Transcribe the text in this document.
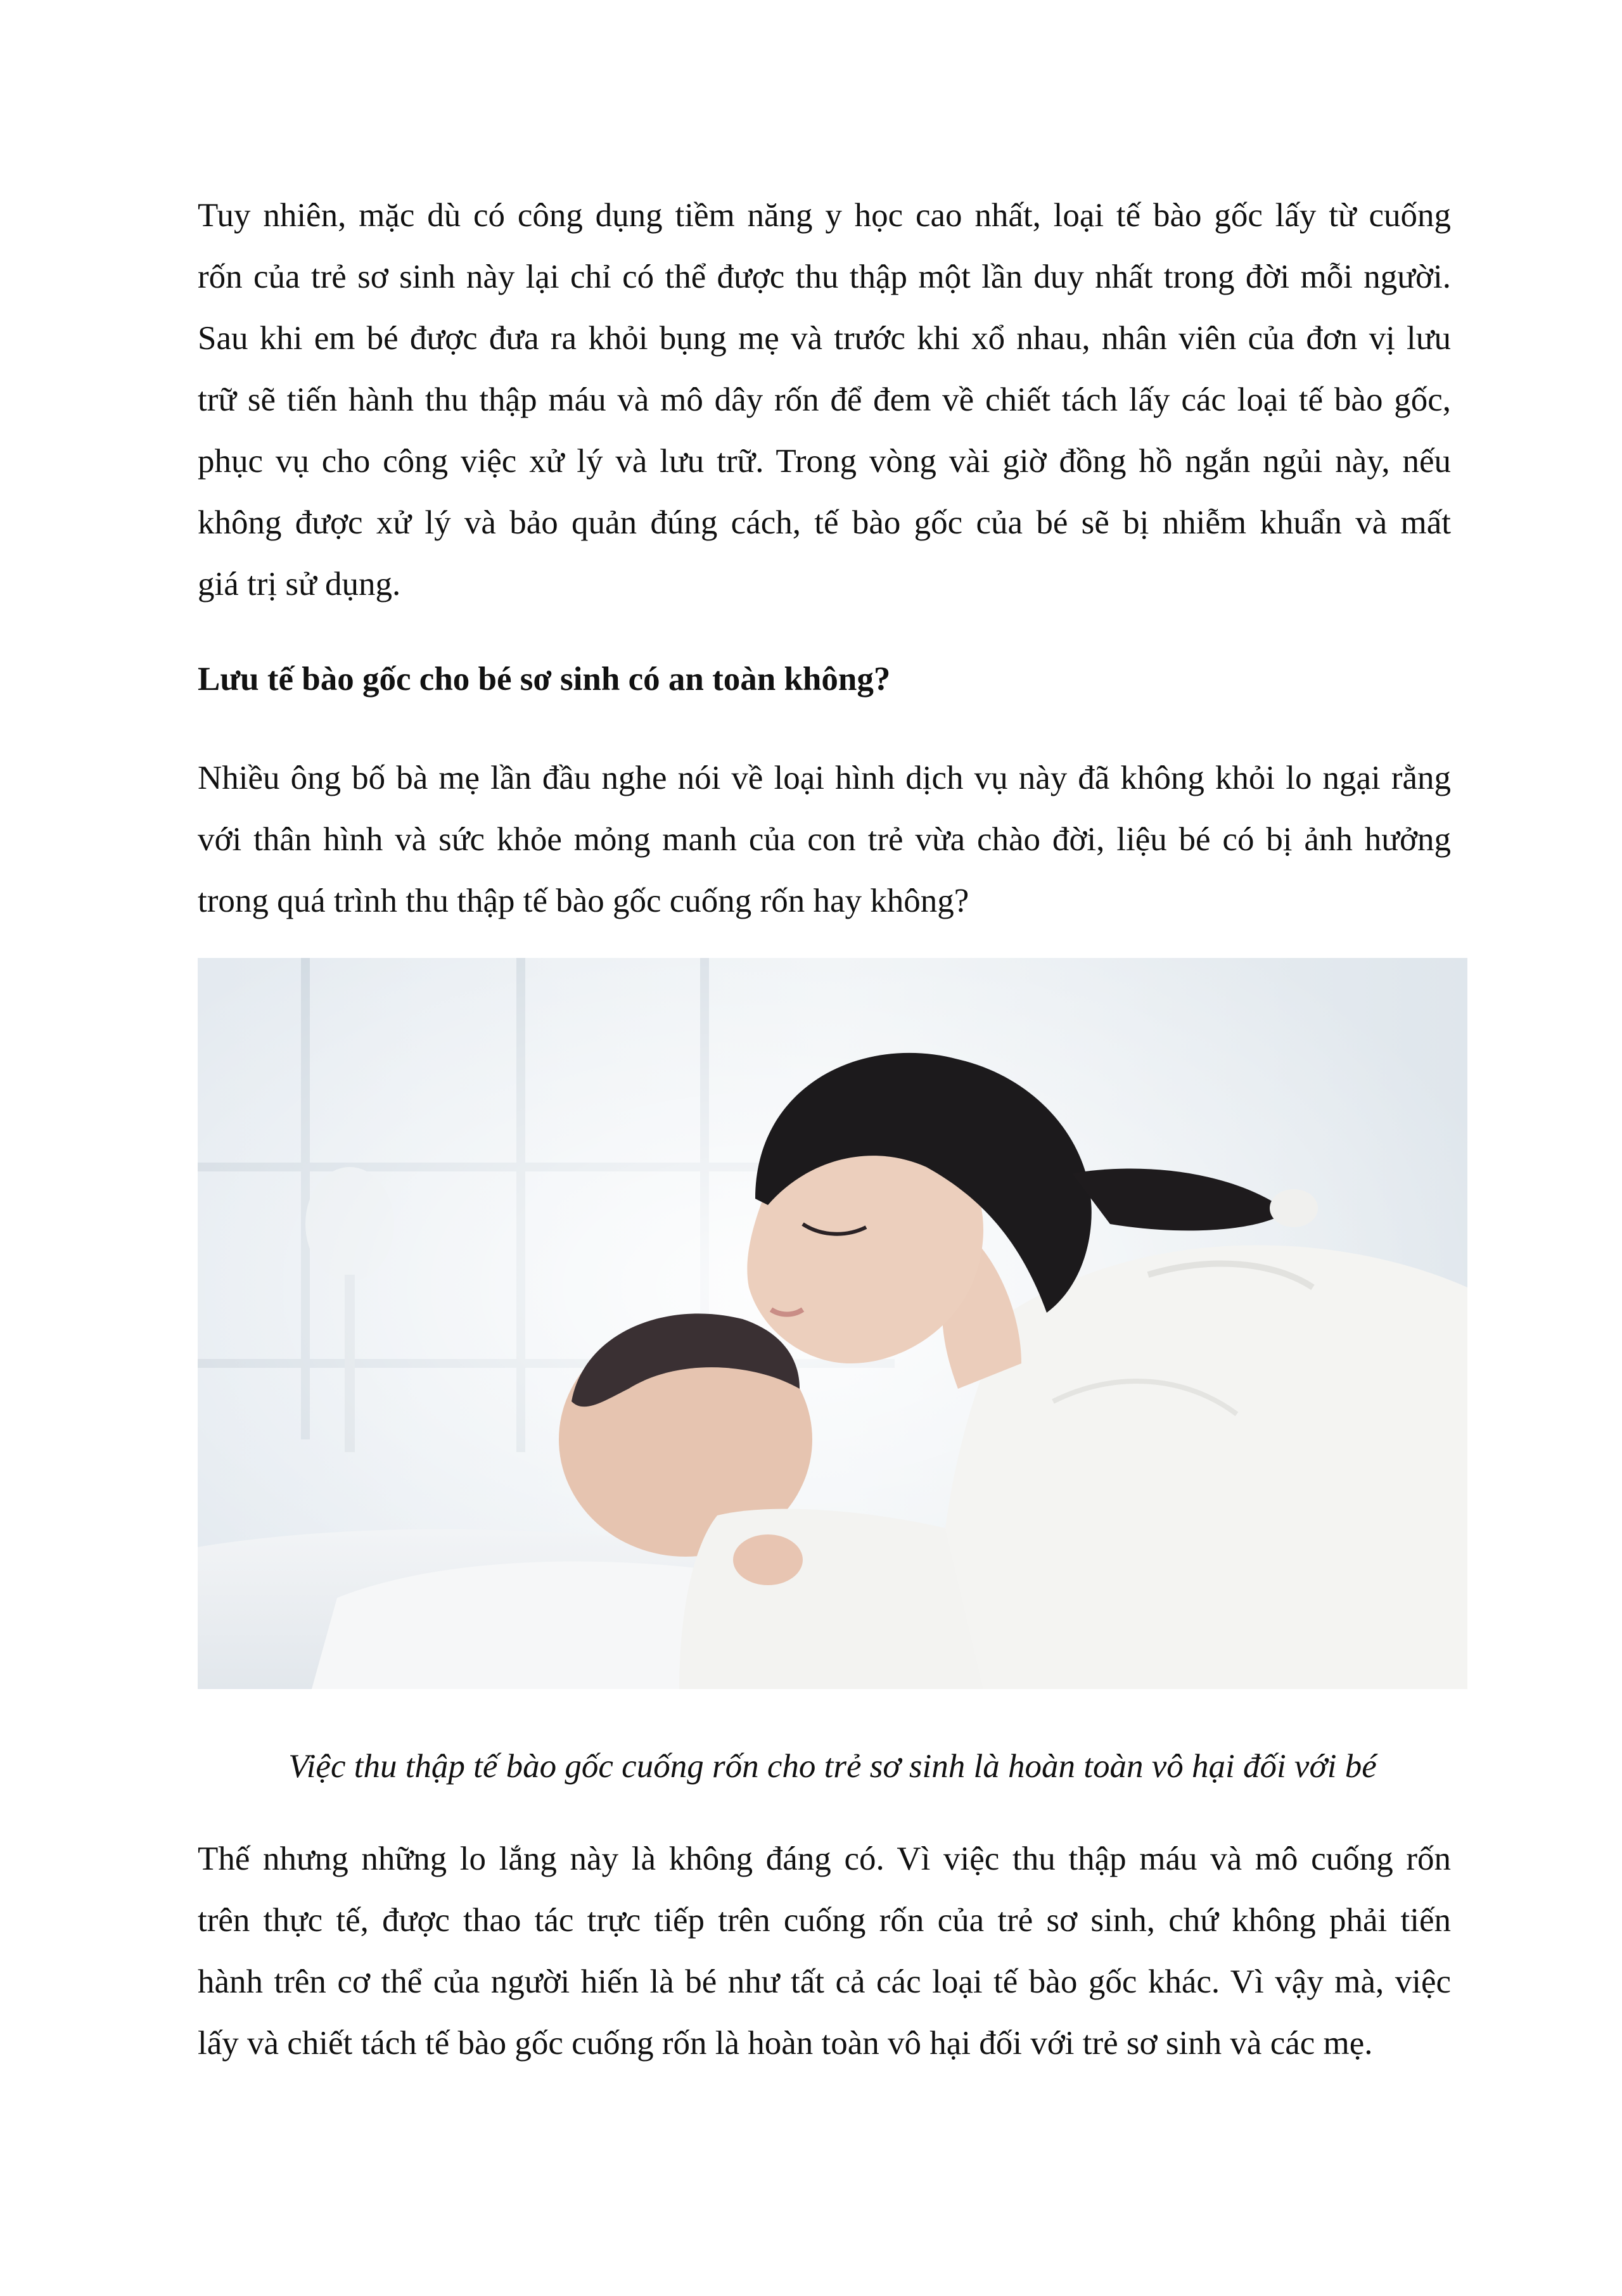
Tuy nhiên, mặc dù có công dụng tiềm năng y học cao nhất, loại tế bào gốc lấy từ cuống
rốn của trẻ sơ sinh này lại chỉ có thể được thu thập một lần duy nhất trong đời mỗi người.
Sau khi em bé được đưa ra khỏi bụng mẹ và trước khi xổ nhau, nhân viên của đơn vị lưu
trữ sẽ tiến hành thu thập máu và mô dây rốn để đem về chiết tách lấy các loại tế bào gốc,
phục vụ cho công việc xử lý và lưu trữ. Trong vòng vài giờ đồng hồ ngắn ngủi này, nếu
không được xử lý và bảo quản đúng cách, tế bào gốc của bé sẽ bị nhiễm khuẩn và mất
giá trị sử dụng.

Lưu tế bào gốc cho bé sơ sinh có an toàn không?

Nhiều ông bố bà mẹ lần đầu nghe nói về loại hình dịch vụ này đã không khỏi lo ngại rằng
với thân hình và sức khỏe mỏng manh của con trẻ vừa chào đời, liệu bé có bị ảnh hưởng
trong quá trình thu thập tế bào gốc cuống rốn hay không?

Việc thu thập tế bào gốc cuống rốn cho trẻ sơ sinh là hoàn toàn vô hại đối với bé

Thế nhưng những lo lắng này là không đáng có. Vì việc thu thập máu và mô cuống rốn
trên thực tế, được thao tác trực tiếp trên cuống rốn của trẻ sơ sinh, chứ không phải tiến
hành trên cơ thể của người hiến là bé như tất cả các loại tế bào gốc khác. Vì vậy mà, việc
lấy và chiết tách tế bào gốc cuống rốn là hoàn toàn vô hại đối với trẻ sơ sinh và các mẹ.
